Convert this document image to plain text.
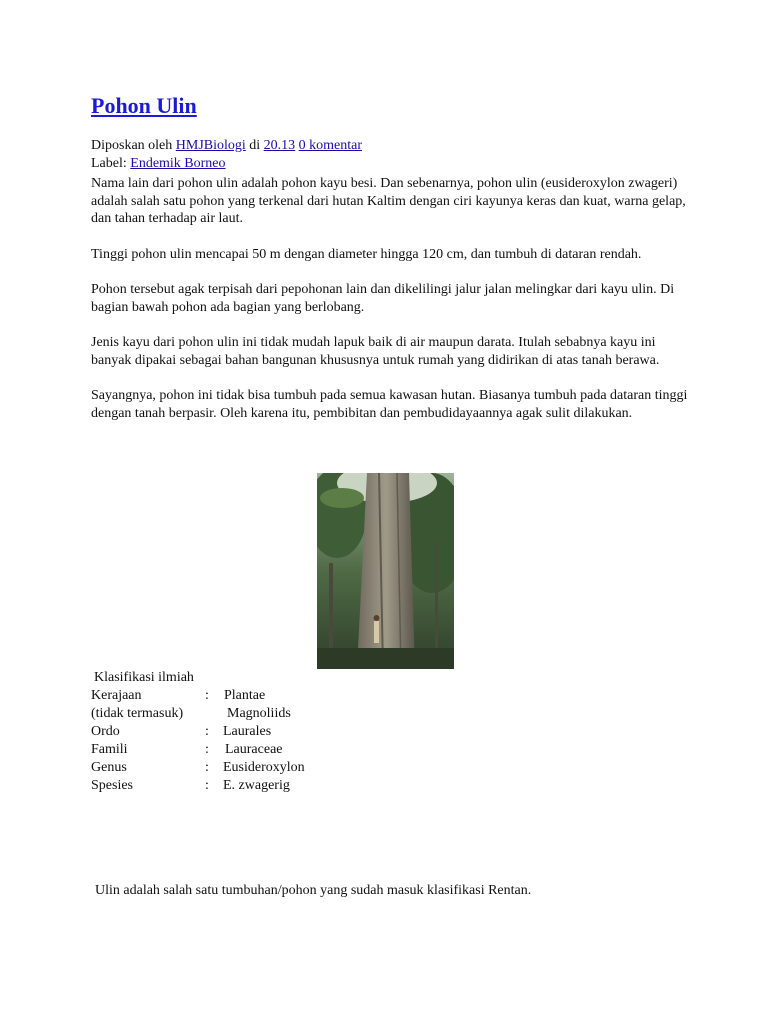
Pohon Ulin
Diposkan oleh HMJBiologi di 20.13 0 komentar
Label: Endemik Borneo

Nama lain dari pohon ulin adalah pohon kayu besi. Dan sebenarnya, pohon ulin (eusideroxylon zwageri) adalah salah satu pohon yang terkenal dari hutan Kaltim dengan ciri kayunya keras dan kuat, warna gelap, dan tahan terhadap air laut.

Tinggi pohon ulin mencapai 50 m dengan diameter hingga 120 cm, dan tumbuh di dataran rendah.

Pohon tersebut agak terpisah dari pepohonan lain dan dikelilingi jalur jalan melingkar dari kayu ulin. Di bagian bawah pohon ada bagian yang berlobang.

Jenis kayu dari pohon ulin ini tidak mudah lapuk baik di air maupun darata. Itulah sebabnya kayu ini banyak dipakai sebagai bahan bangunan khususnya untuk rumah yang didirikan di atas tanah berawa.

Sayangnya, pohon ini tidak bisa tumbuh pada semua kawasan hutan. Biasanya tumbuh pada dataran tinggi dengan tanah berpasir. Oleh karena itu, pembibitan dan pembudidayaannya agak sulit dilakukan.

Klasifikasi ilmiah
Kerajaan	: Plantae
(tidak termasuk)	Magnoliids
Ordo	: Laurales
Famili	: Lauraceae
Genus	: Eusideroxylon
Spesies	: E. zwagerig
Ulin adalah salah satu tumbuhan/pohon yang sudah masuk klasifikasi Rentan.
